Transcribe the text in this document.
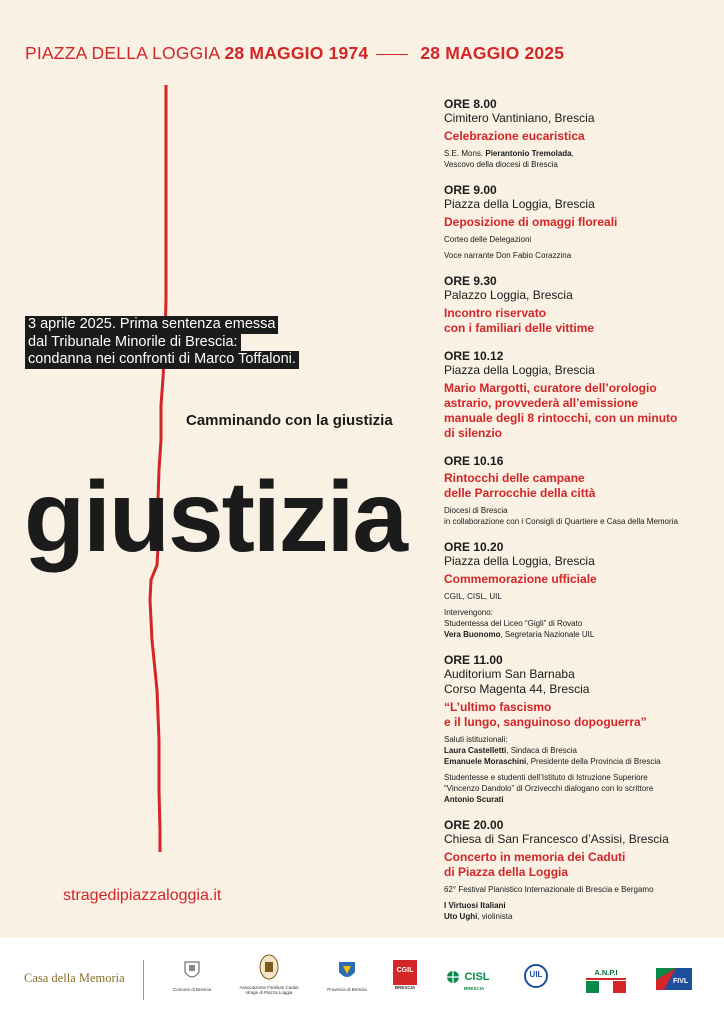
PIAZZA DELLA LOGGIA 28 MAGGIO 1974	28 MAGGIO 2025
3 aprile 2025. Prima sentenza emessa
dal Tribunale Minorile di Brescia:
condanna nei confronti di Marco Toffaloni.
Camminando con la giustizia
giustizia
stragedipiazzaloggia.it
ORE 8.00
Cimitero Vantiniano, Brescia
Celebrazione eucaristica
S.E. Mons. Pierantonio Tremolada,
Vescovo della diocesi di Brescia
ORE 9.00
Piazza della Loggia, Brescia
Deposizione di omaggi floreali
Corteo delle Delegazioni
Voce narrante Don Fabio Corazzina
ORE 9.30
Palazzo Loggia, Brescia
Incontro riservato
con i familiari delle vittime
ORE 10.12
Piazza della Loggia, Brescia
Mario Margotti, curatore dell’orologio
astrario, provvederà all’emissione
manuale degli 8 rintocchi, con un minuto
di silenzio
ORE 10.16
Rintocchi delle campane
delle Parrocchie della città
Diocesi di Brescia
in collaborazione con i Consigli di Quartiere e Casa della Memoria
ORE 10.20
Piazza della Loggia, Brescia
Commemorazione ufficiale
CGIL, CISL, UIL
Intervengono:
Studentessa del Liceo “Gigli” di Rovato
Vera Buonomo, Segretaria Nazionale UIL
ORE 11.00
Auditorium San Barnaba
Corso Magenta 44, Brescia
“L’ultimo fascismo
e il lungo, sanguinoso dopoguerra”
Saluti istituzionali:
Laura Castelletti, Sindaca di Brescia
Emanuele Moraschini, Presidente della Provincia di Brescia
Studentesse e studenti dell’Istituto di Istruzione Superiore
“Vincenzo Dandolo” di Orzivecchi dialogano con lo scrittore
Antonio Scurati
ORE 20.00
Chiesa di San Francesco d’Assisi, Brescia
Concerto in memoria dei Caduti
di Piazza della Loggia
62° Festival Pianistico Internazionale di Brescia e Bergamo
I Virtuosi Italiani
Uto Ughi, violinista
Casa della Memoria
Comune di Brescia	Associazione Familiari Caduti
strage di Piazza Loggia
Provincia di Brescia
CGIL
BRESCIA
CISL
BRESCIA
UIL	A.N.P.I
FIVL
